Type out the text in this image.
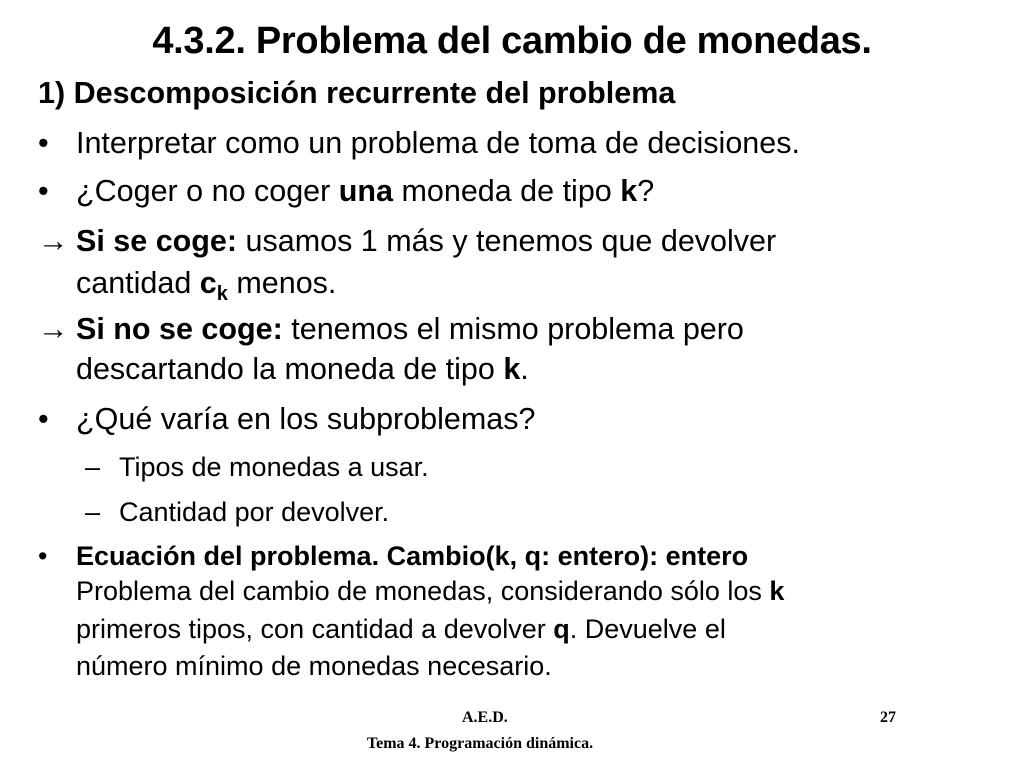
4.3.2. Problema del cambio de monedas.
1) Descomposición recurrente del problema
• Interpretar como un problema de toma de decisiones.
• ¿Coger o no coger una moneda de tipo k?
→ Si se coge: usamos 1 más y tenemos que devolver
cantidad $c_k$ menos.
→ Si no se coge: tenemos el mismo problema pero
descartando la moneda de tipo k.
• ¿Qué varía en los subproblemas?
– Tipos de monedas a usar.
– Cantidad por devolver.
• Ecuación del problema. Cambio(k, q: entero): entero
Problema del cambio de monedas, considerando sólo los k
primeros tipos, con cantidad a devolver q. Devuelve el
número mínimo de monedas necesario.
A.E.D.	27
Tema 4. Programación dinámica.
